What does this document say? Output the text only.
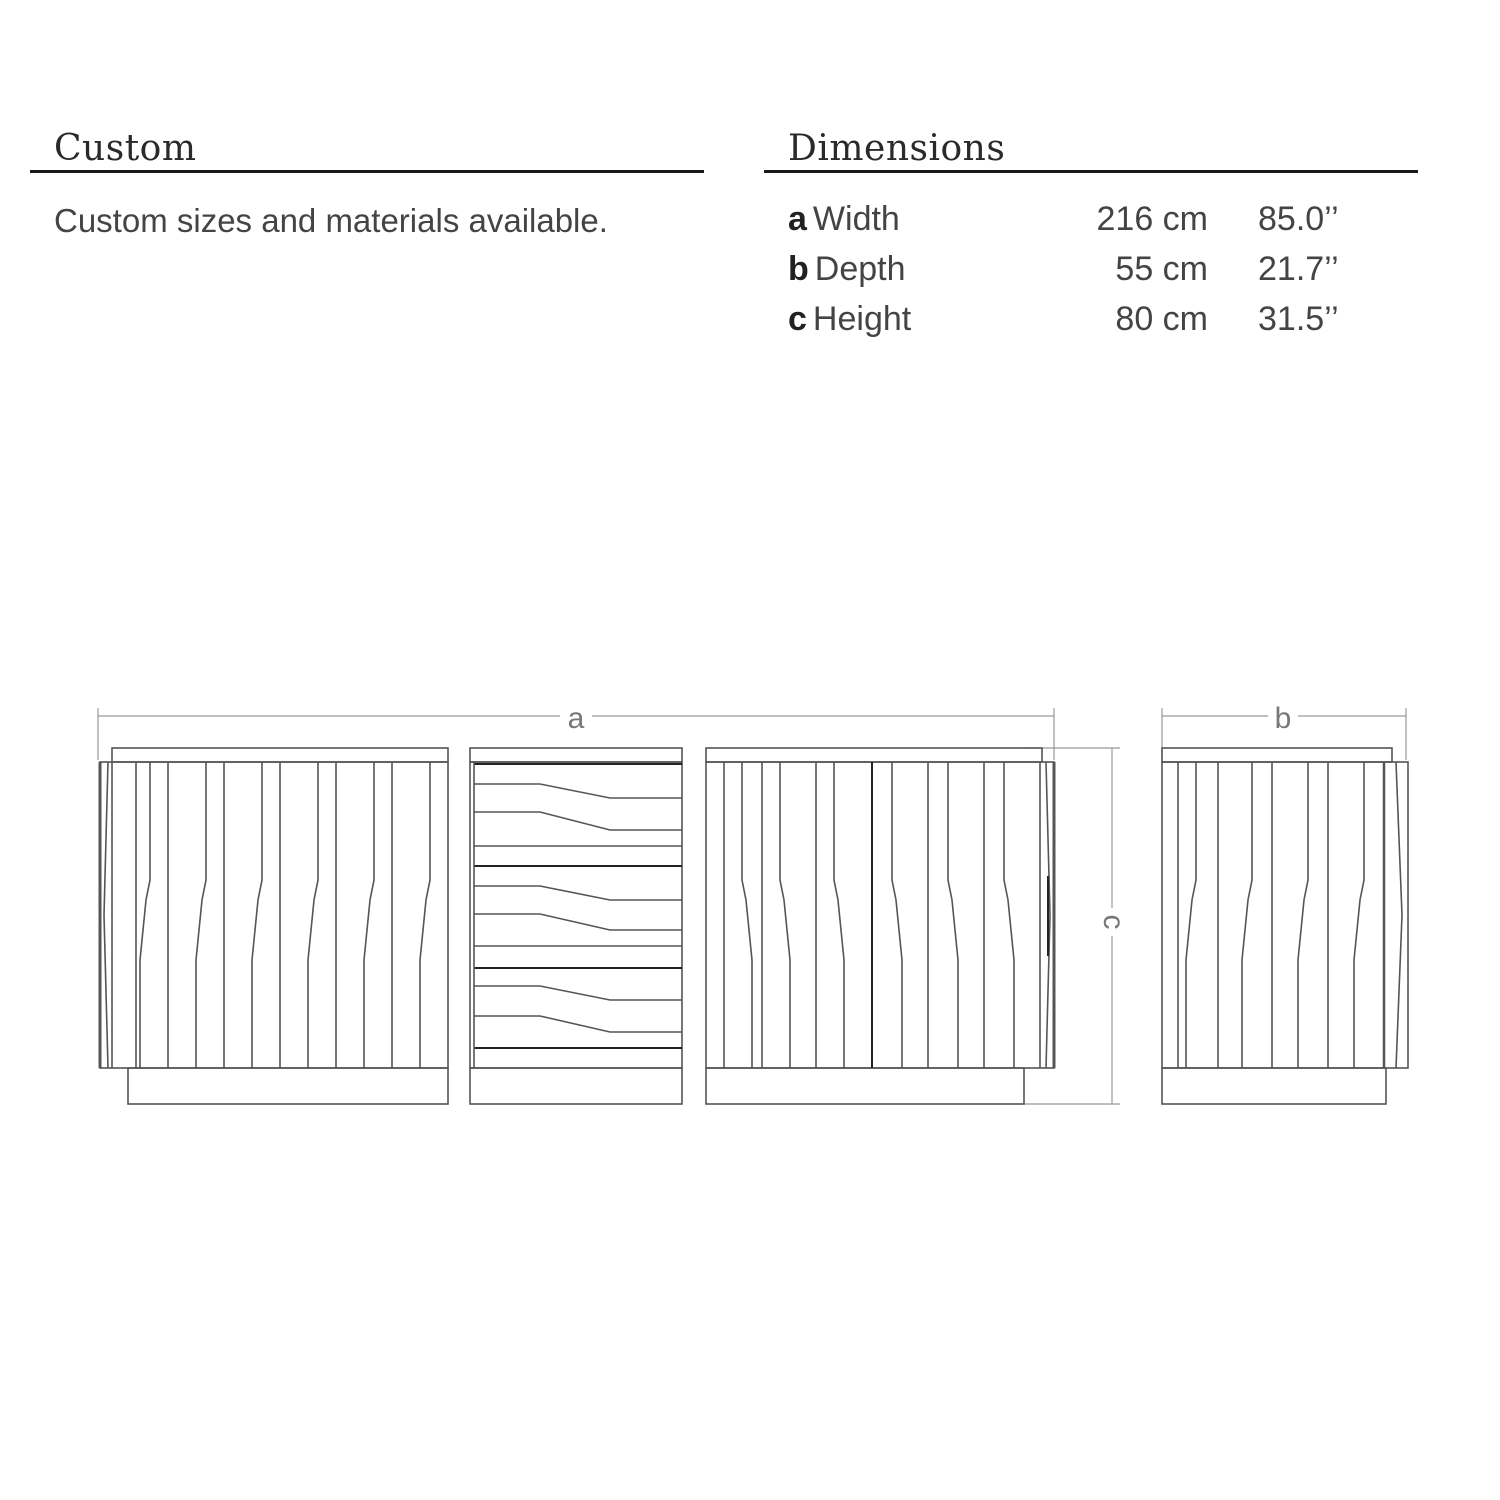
Custom
Custom sizes and materials available.
Dimensions
a Width	216 cm 85.0’’
b Depth	55 cm 21.7’’
c Height	80 cm 31.5’’
a	b
c
